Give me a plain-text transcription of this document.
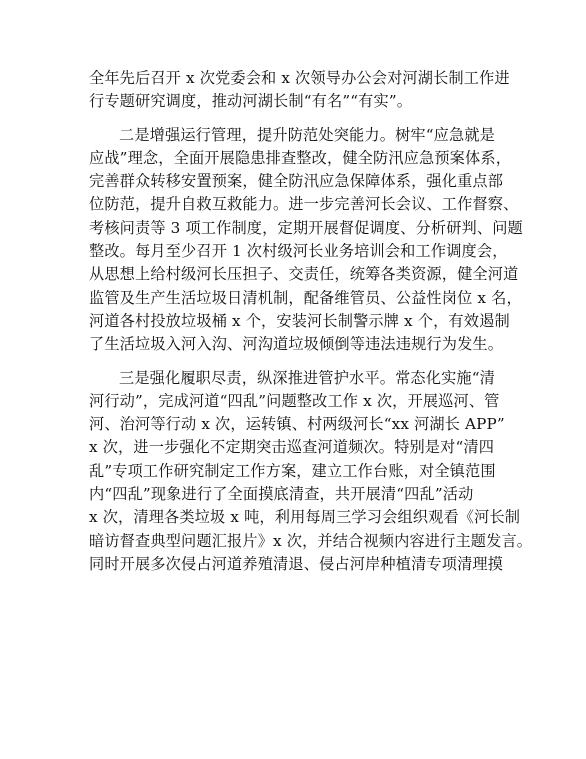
全年先后召开 x 次党委会和 x 次领导办公会对河湖长制工作进
行专题研究调度，推动河湖长制“有名”“有实”。
二是增强运行管理，提升防范处突能力。树牢“应急就是
应战”理念，全面开展隐患排查整改，健全防汛应急预案体系，
完善群众转移安置预案，健全防汛应急保障体系，强化重点部
位防范，提升自救互救能力。进一步完善河长会议、工作督察、
考核问责等 3 项工作制度，定期开展督促调度、分析研判、问题
整改。每月至少召开 1 次村级河长业务培训会和工作调度会，
从思想上给村级河长压担子、交责任，统筹各类资源，健全河道
监管及生产生活垃圾日清机制，配备维管员、公益性岗位 x 名，
河道各村投放垃圾桶 x 个，安装河长制警示牌 x 个，有效遏制
了生活垃圾入河入沟、河沟道垃圾倾倒等违法违规行为发生。
三是强化履职尽责，纵深推进管护水平。常态化实施“清
河行动”，完成河道“四乱”问题整改工作 x 次，开展巡河、管
河、治河等行动 x 次，运转镇、村两级河长“xx 河湖长 APP”
x 次，进一步强化不定期突击巡查河道频次。特别是对“清四
乱”专项工作研究制定工作方案，建立工作台账，对全镇范围
内“四乱”现象进行了全面摸底清查，共开展清“四乱”活动
x 次，清理各类垃圾 x 吨，利用每周三学习会组织观看《河长制
暗访督查典型问题汇报片》x 次，并结合视频内容进行主题发言。
同时开展多次侵占河道养殖清退、侵占河岸种植清专项清理摸
